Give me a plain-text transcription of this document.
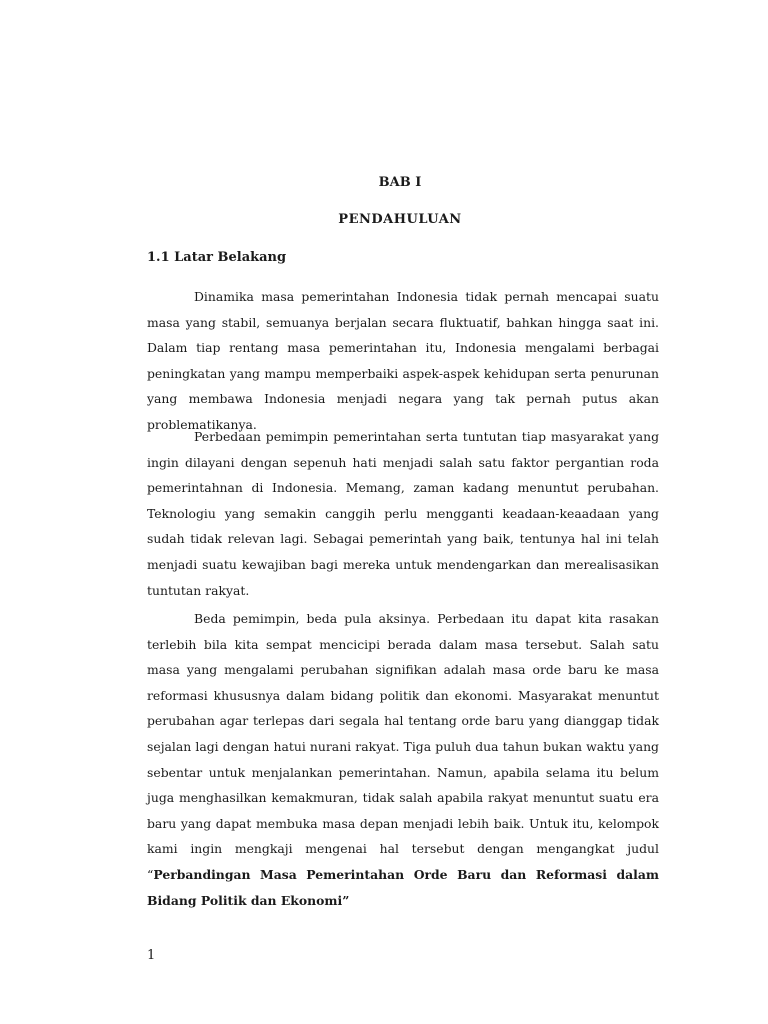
BAB I
PENDAHULUAN
1.1 Latar Belakang

Dinamika masa pemerintahan Indonesia tidak pernah mencapai suatu masa yang stabil, semuanya berjalan secara fluktuatif, bahkan hingga saat ini. Dalam tiap rentang masa pemerintahan itu, Indonesia mengalami berbagai peningkatan yang mampu memperbaiki aspek-aspek kehidupan serta penurunan yang membawa Indonesia menjadi negara yang tak pernah putus akan problematikanya.

Perbedaan pemimpin pemerintahan serta tuntutan tiap masyarakat yang ingin dilayani dengan sepenuh hati menjadi salah satu faktor pergantian roda pemerintahnan di Indonesia. Memang, zaman kadang menuntut perubahan. Teknologiu yang semakin canggih perlu mengganti keadaan-keaadaan yang sudah tidak relevan lagi. Sebagai pemerintah yang baik, tentunya hal ini telah menjadi suatu kewajiban bagi mereka untuk mendengarkan dan merealisasikan tuntutan rakyat.

Beda pemimpin, beda pula aksinya. Perbedaan itu dapat kita rasakan terlebih bila kita sempat mencicipi berada dalam masa tersebut. Salah satu masa yang mengalami perubahan signifikan adalah masa orde baru ke masa reformasi khususnya dalam bidang politik dan ekonomi. Masyarakat menuntut perubahan agar terlepas dari segala hal tentang orde baru yang dianggap tidak sejalan lagi dengan hatui nurani rakyat. Tiga puluh dua tahun bukan waktu yang sebentar untuk menjalankan pemerintahan. Namun, apabila selama itu belum juga menghasilkan kemakmuran, tidak salah apabila rakyat menuntut suatu era baru yang dapat membuka masa depan menjadi lebih baik. Untuk itu, kelompok kami ingin mengkaji mengenai hal tersebut dengan mengangkat judul “Perbandingan Masa Pemerintahan Orde Baru dan Reformasi dalam Bidang Politik dan Ekonomi”

1
